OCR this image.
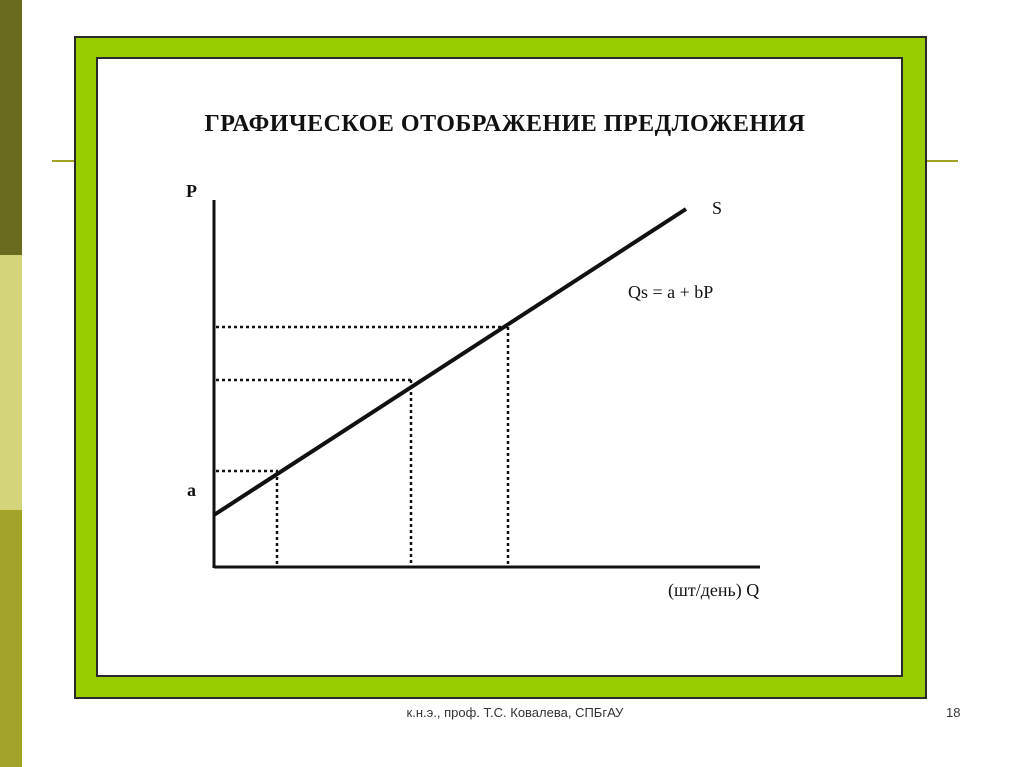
ГРАФИЧЕСКОЕ ОТОБРАЖЕНИЕ ПРЕДЛОЖЕНИЯ
P
a
S
Qs = a + bP
(шт/день) Q
к.н.э., проф. Т.С. Ковалева, СПБгАУ	18
